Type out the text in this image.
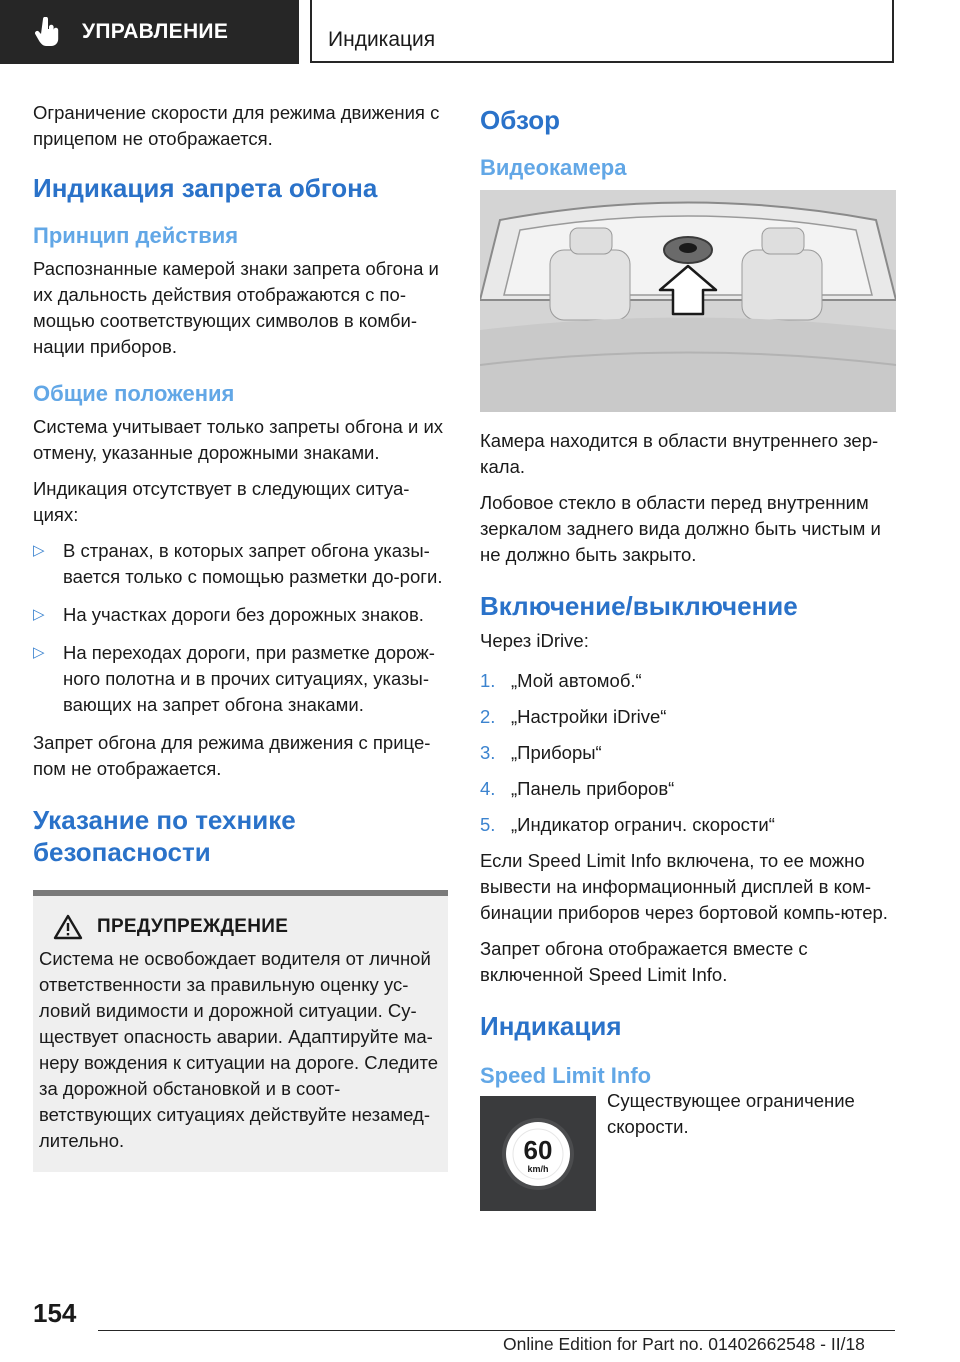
УПРАВЛЕНИЕ	Индикация

Ограничение скорости для режима движения с прицепом не отображается.

Индикация запрета обгона
Принцип действия

Распознанные камерой знаки запрета обгона и их дальность действия отображаются с по-мощью соответствующих символов в комби-нации приборов.

Общие положения

Система учитывает только запреты обгона и их отмену, указанные дорожными знаками.

Индикация отсутствует в следующих ситуа-циях:

▷ В странах, в которых запрет обгона указы-вается только с помощью разметки до-роги.
▷ На участках дороги без дорожных знаков.
▷ На переходах дороги, при разметке дорож-ного полотна и в прочих ситуациях, указы-вающих на запрет обгона знаками.

Запрет обгона для режима движения с прице-пом не отображается.

Указание по технике безопасности
ПРЕДУПРЕЖДЕНИЕ

Система не освобождает водителя от личной ответственности за правильную оценку ус-ловий видимости и дорожной ситуации. Су-ществует опасность аварии. Адаптируйте ма-неру вождения к ситуации на дороге. Следите за дорожной обстановкой и в соот-ветствующих ситуациях действуйте незамед-лительно.

Обзор
Видеокамера

Камера находится в области внутреннего зер-кала.

Лобовое стекло в области перед внутренним зеркалом заднего вида должно быть чистым и не должно быть закрыто.

Включение/выключение

Через iDrive:

1. „Мой автомоб.“
2. „Настройки iDrive“
3. „Приборы“
4. „Панель приборов“
5. „Индикатор огранич. скорости“

Если Speed Limit Info включена, то ее можно вывести на информационный дисплей в ком-бинации приборов через бортовой компь-ютер.

Запрет обгона отображается вместе с включенной Speed Limit Info.

Индикация
Speed Limit Info
60
km/h
Существующее ограничение скорости.
154
Online Edition for Part no. 01402662548 - II/18
